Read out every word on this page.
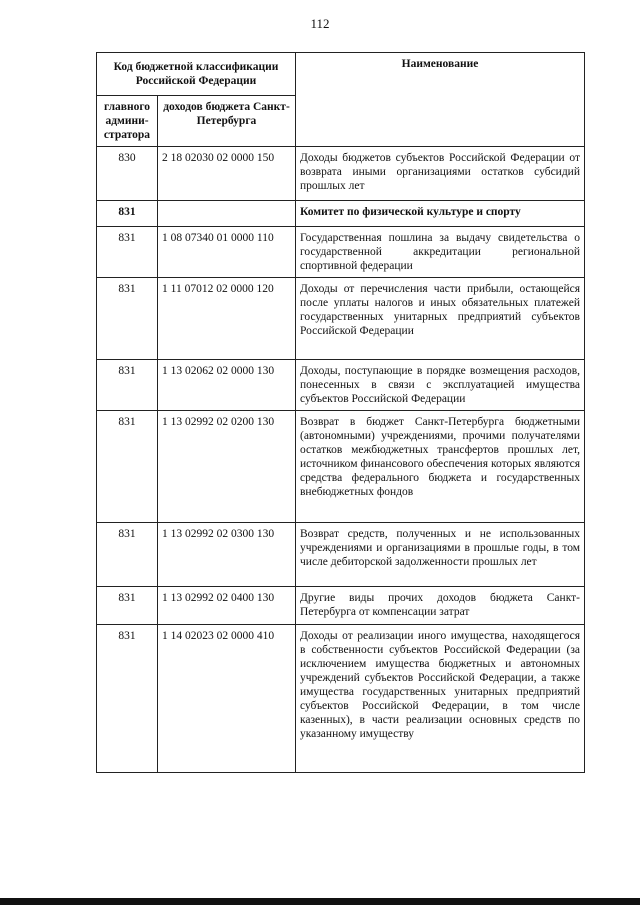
112
Код бюджетной классификации Российской Федерации		Наименование
главного админи-стратора	доходов бюджета Санкт-Петербурга	
830	2 18 02030 02 0000 150	Доходы бюджетов субъектов Российской Федерации от возврата иными организациями остатков субсидий прошлых лет
831		Комитет по физической культуре и спорту
831	1 08 07340 01 0000 110	Государственная пошлина за выдачу свидетельства о государственной аккредитации региональной спортивной федерации
831	1 11 07012 02 0000 120	Доходы от перечисления части прибыли, остающейся после уплаты налогов и иных обязательных платежей государственных унитарных предприятий субъектов Российской Федерации
831	1 13 02062 02 0000 130	Доходы, поступающие в порядке возмещения расходов, понесенных в связи с эксплуатацией имущества субъектов Российской Федерации
831	1 13 02992 02 0200 130	Возврат в бюджет Санкт-Петербурга бюджетными (автономными) учреждениями, прочими получателями остатков межбюджетных трансфертов прошлых лет, источником финансового обеспечения которых являются средства федерального бюджета и государственных внебюджетных фондов
831	1 13 02992 02 0300 130	Возврат средств, полученных и не использованных учреждениями и организациями в прошлые годы, в том числе дебиторской задолженности прошлых лет
831	1 13 02992 02 0400 130	Другие виды прочих доходов бюджета Санкт-Петербурга от компенсации затрат
831	1 14 02023 02 0000 410	Доходы от реализации иного имущества, находящегося в собственности субъектов Российской Федерации (за исключением имущества бюджетных и автономных учреждений субъектов Российской Федерации, а также имущества государственных унитарных предприятий субъектов Российской Федерации, в том числе казенных), в части реализации основных средств по указанному имуществу
